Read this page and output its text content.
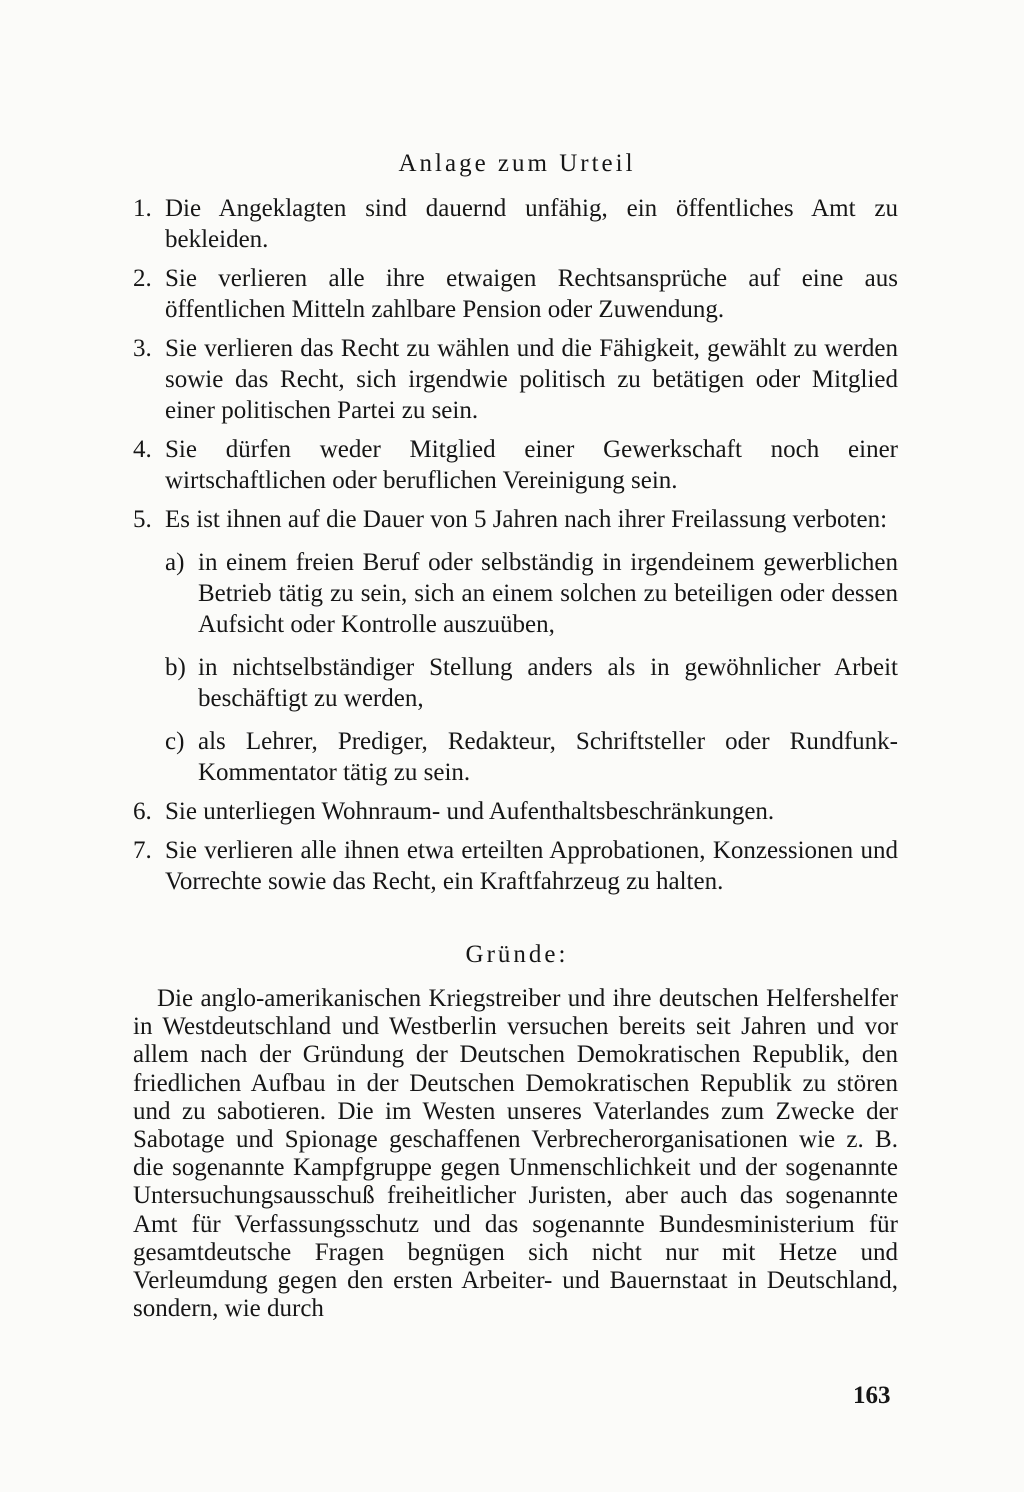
Anlage zum Urteil
1. Die Angeklagten sind dauernd unfähig, ein öffentliches Amt zu bekleiden.
2. Sie verlieren alle ihre etwaigen Rechtsansprüche auf eine aus öffentlichen Mitteln zahlbare Pension oder Zuwendung.
3. Sie verlieren das Recht zu wählen und die Fähigkeit, gewählt zu werden sowie das Recht, sich irgendwie politisch zu betätigen oder Mitglied einer politischen Partei zu sein.
4. Sie dürfen weder Mitglied einer Gewerkschaft noch einer wirtschaftlichen oder beruflichen Vereinigung sein.
5. Es ist ihnen auf die Dauer von 5 Jahren nach ihrer Freilassung verboten:
a) in einem freien Beruf oder selbständig in irgendeinem gewerblichen Betrieb tätig zu sein, sich an einem solchen zu beteiligen oder dessen Aufsicht oder Kontrolle auszuüben,
b) in nichtselbständiger Stellung anders als in gewöhnlicher Arbeit beschäftigt zu werden,
c) als Lehrer, Prediger, Redakteur, Schriftsteller oder Rundfunk-Kommentator tätig zu sein.
6. Sie unterliegen Wohnraum- und Aufenthaltsbeschränkungen.
7. Sie verlieren alle ihnen etwa erteilten Approbationen, Konzessionen und Vorrechte sowie das Recht, ein Kraftfahrzeug zu halten.
Gründe:
Die anglo-amerikanischen Kriegstreiber und ihre deutschen Helfershelfer in Westdeutschland und Westberlin versuchen bereits seit Jahren und vor allem nach der Gründung der Deutschen Demokratischen Republik, den friedlichen Aufbau in der Deutschen Demokratischen Republik zu stören und zu sabotieren. Die im Westen unseres Vaterlandes zum Zwecke der Sabotage und Spionage geschaffenen Verbrecherorganisationen wie z. B. die sogenannte Kampfgruppe gegen Unmenschlichkeit und der sogenannte Untersuchungsausschuß freiheitlicher Juristen, aber auch das sogenannte Amt für Verfassungsschutz und das sogenannte Bundesministerium für gesamtdeutsche Fragen begnügen sich nicht nur mit Hetze und Verleumdung gegen den ersten Arbeiter- und Bauernstaat in Deutschland, sondern, wie durch
163
